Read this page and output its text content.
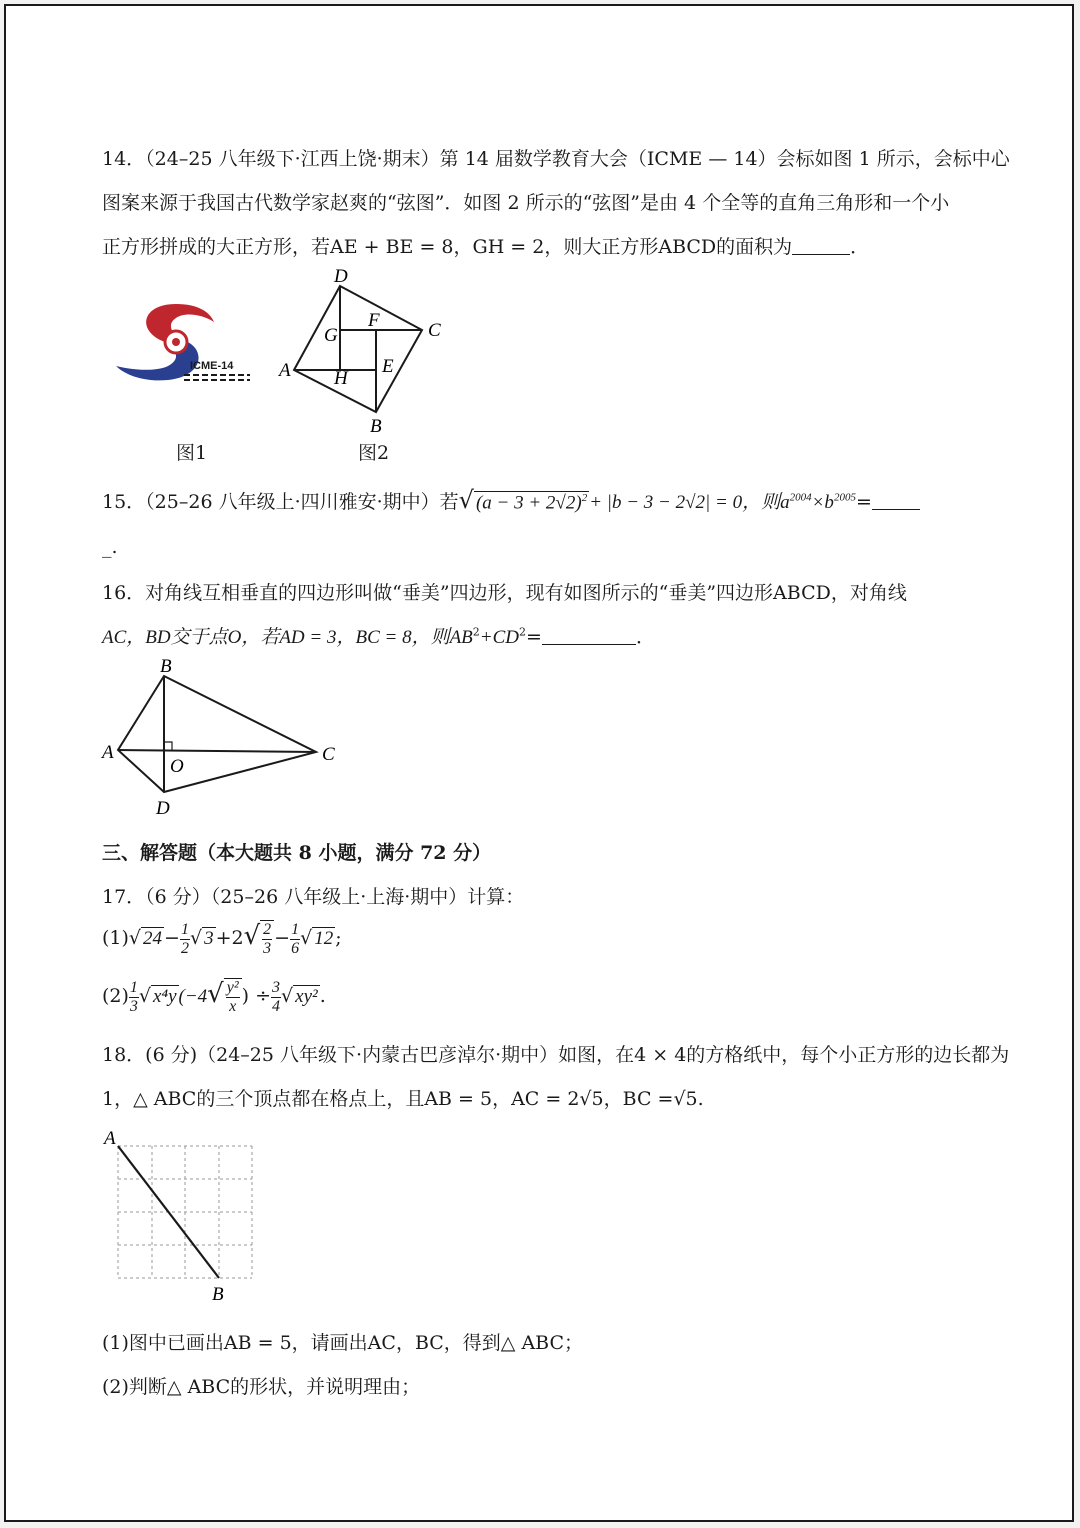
14．（24–25 八年级下·江西上饶·期末）第 14 届数学教育大会（ICME — 14）会标如图 1 所示，会标中心
图案来源于我国古代数学家赵爽的“弦图”．如图 2 所示的“弦图”是由 4 个全等的直角三角形和一个小
正方形拼成的大正方形，若AE + BE = 8，GH = 2，则大正方形ABCD的面积为	．
ICME-14
图1
D
C
A
B
G
F
H
E
图2
15．（25–26 八年级上·四川雅安·期中）若√ $(a - 3 + 2√2)^2 + |b - 3 - 2√2| = 0$，则$a^{2004}\times b^{2005}=$
_.
16．对角线互相垂直的四边形叫做“垂美”四边形，现有如图所示的“垂美”四边形ABCD，对角线
AC，BD交于点O，若AD = 3，BC = 8，则$AB^2+CD^2=$	．
B
A
O
C
D
三、解答题（本大题共 8 小题，满分 72 分）
17．（6 分）（25–26 八年级上·上海·期中）计算：
(1)√ $24 - \frac{1}{2}$ √ $3 +2√ \frac{2}{3} - \frac{1}{6}$ √ 12 ;
$(2) \frac{1}{3}$ √ x⁴y ($-4√ \frac{\text{y²}}{x}$ ) ÷ $\frac{3}{4}$ √ xy² .
18．(6 分)（24–25 八年级下·内蒙古巴彦淖尔·期中）如图，在4 × 4的方格纸中，每个小正方形的边长都为
1，△ ABC的三个顶点都在格点上，且AB = 5，AC = 2√5，BC =√5.
A
B
(1)图中已画出AB = 5，请画出AC，BC，得到△ ABC；
(2)判断△ ABC的形状，并说明理由；
